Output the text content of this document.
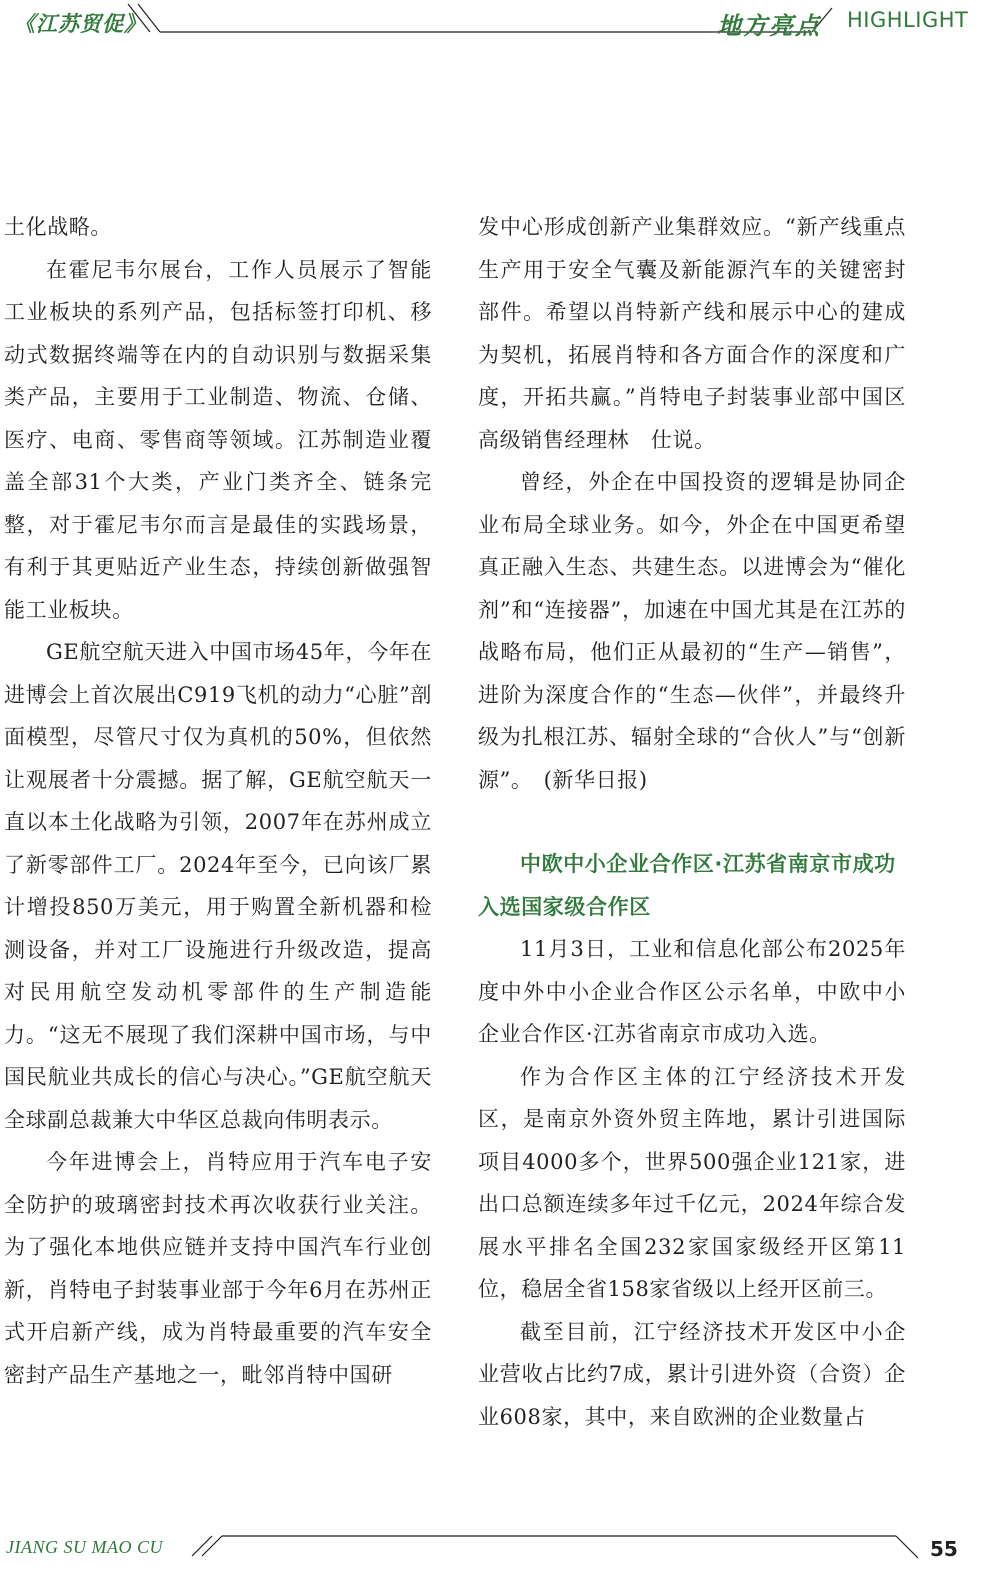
《江苏贸促》	地方亮点 HIGHLIGHT

土化战略。

在霍尼韦尔展台，工作人员展示了智能工业板块的系列产品，包括标签打印机、移动式数据终端等在内的自动识别与数据采集类产品，主要用于工业制造、物流、仓储、医疗、电商、零售商等领域。江苏制造业覆盖全部31个大类，产业门类齐全、链条完整，对于霍尼韦尔而言是最佳的实践场景，有利于其更贴近产业生态，持续创新做强智能工业板块。

GE航空航天进入中国市场45年，今年在进博会上首次展出C919飞机的动力“心脏”剖面模型，尽管尺寸仅为真机的50%，但依然让观展者十分震撼。据了解，GE航空航天一直以本土化战略为引领，2007年在苏州成立了新零部件工厂。2024年至今，已向该厂累计增投850万美元，用于购置全新机器和检测设备，并对工厂设施进行升级改造，提高对民用航空发动机零部件的生产制造能力。“这无不展现了我们深耕中国市场，与中国民航业共成长的信心与决心。”GE航空航天全球副总裁兼大中华区总裁向伟明表示。

今年进博会上，肖特应用于汽车电子安全防护的玻璃密封技术再次收获行业关注。为了强化本地供应链并支持中国汽车行业创新，肖特电子封装事业部于今年6月在苏州正式开启新产线，成为肖特最重要的汽车安全密封产品生产基地之一，毗邻肖特中国研

发中心形成创新产业集群效应。“新产线重点生产用于安全气囊及新能源汽车的关键密封部件。希望以肖特新产线和展示中心的建成为契机，拓展肖特和各方面合作的深度和广度，开拓共赢。”肖特电子封装事业部中国区高级销售经理林　仕说。

曾经，外企在中国投资的逻辑是协同企业布局全球业务。如今，外企在中国更希望真正融入生态、共建生态。以进博会为“催化剂”和“连接器”，加速在中国尤其是在江苏的战略布局，他们正从最初的“生产—销售”，进阶为深度合作的“生态—伙伴”，并最终升级为扎根江苏、辐射全球的“合伙人”与“创新源”。　(新华日报)

中欧中小企业合作区·江苏省南京市成功入选国家级合作区

11月3日，工业和信息化部公布2025年度中外中小企业合作区公示名单，中欧中小企业合作区·江苏省南京市成功入选。

作为合作区主体的江宁经济技术开发区，是南京外资外贸主阵地，累计引进国际项目4000多个，世界500强企业121家，进出口总额连续多年过千亿元，2024年综合发展水平排名全国232家国家级经开区第11位，稳居全省158家省级以上经开区前三。

截至目前，江宁经济技术开发区中小企业营收占比约7成，累计引进外资（合资）企业608家，其中，来自欧洲的企业数量占

JIANG SU MAO CU	55
